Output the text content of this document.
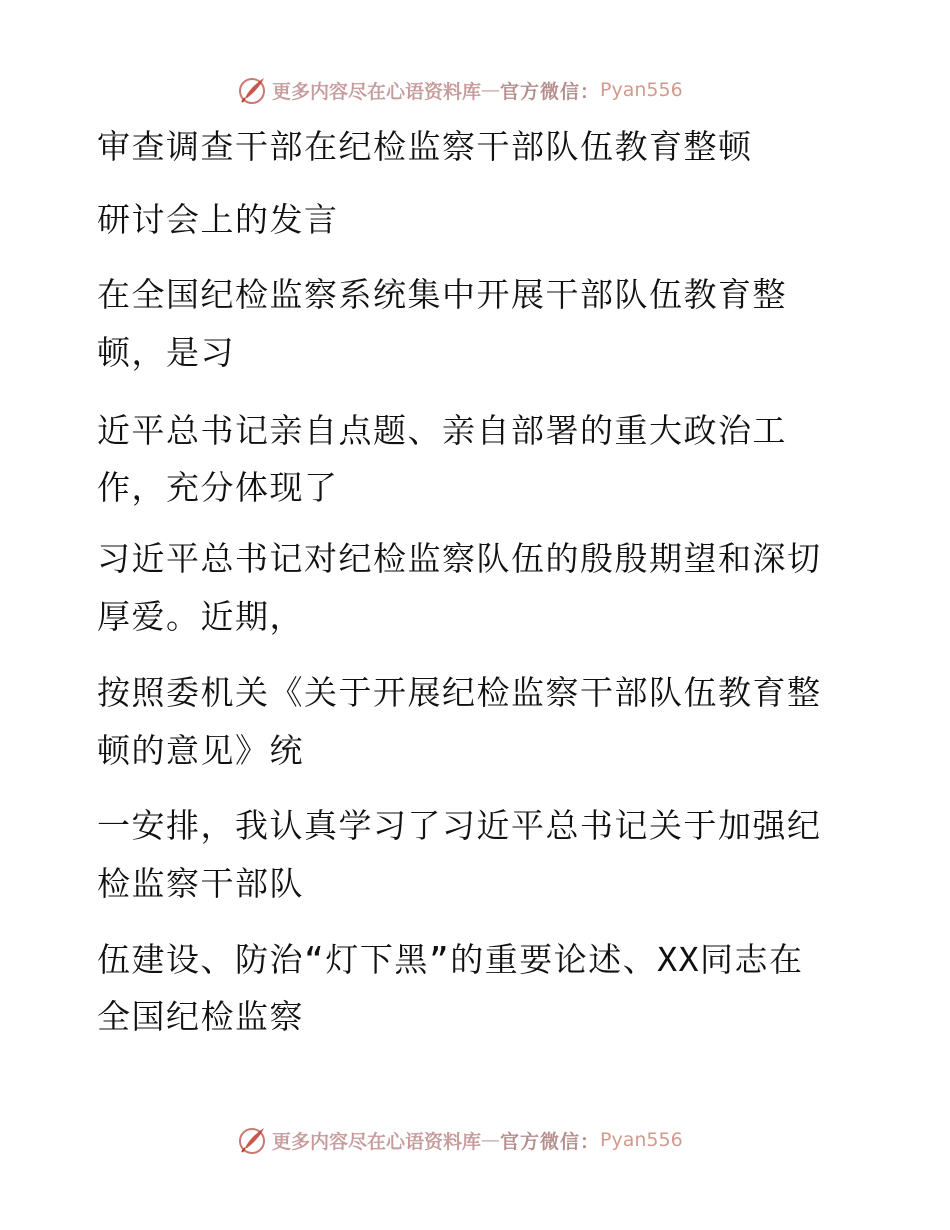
更多内容尽在心语资料库 — 官方微信： Pyan556
审查调查干部在纪检监察干部队伍教育整顿
研讨会上的发言
在全国纪检监察系统集中开展干部队伍教育整
顿，是习
近平总书记亲自点题、亲自部署的重大政治工
作，充分体现了
习近平总书记对纪检监察队伍的殷殷期望和深切
厚爱。近期，
按照委机关《关于开展纪检监察干部队伍教育整
顿的意见》统
一安排，我认真学习了习近平总书记关于加强纪
检监察干部队
伍建设、防治“灯下黑”的重要论述、XX同志在
全国纪检监察
更多内容尽在心语资料库 — 官方微信： Pyan556
